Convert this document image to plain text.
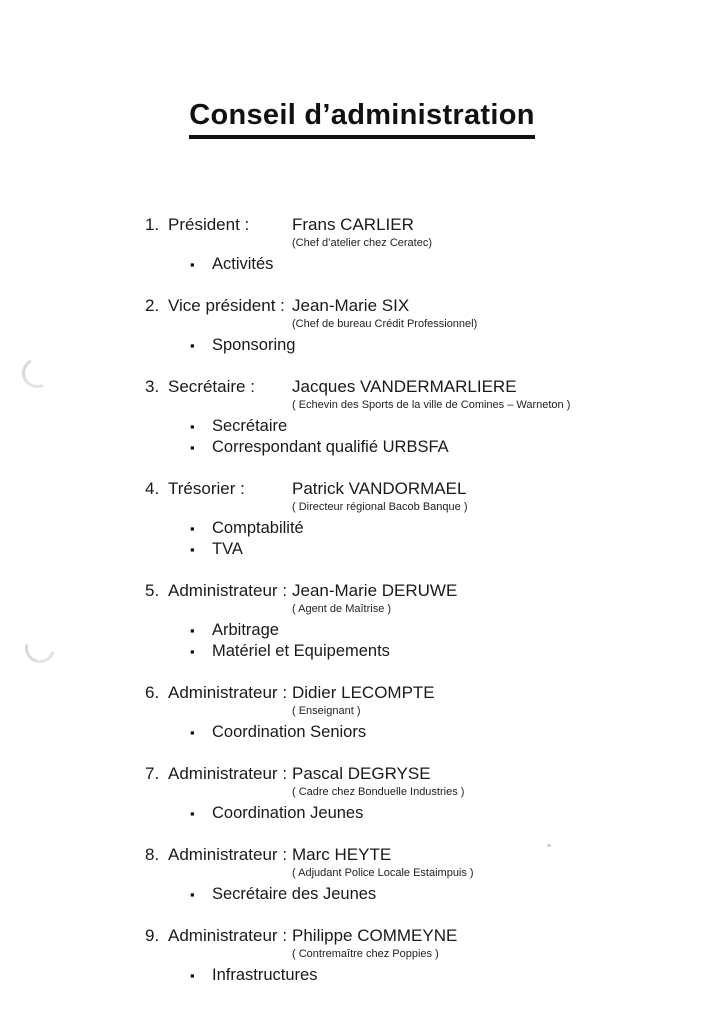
Conseil d’administration
1. Président :	Frans CARLIER
(Chef d’atelier chez Ceratec)
▪	Activités
2. Vice président : Jean-Marie SIX
(Chef de bureau Crédit Professionnel)
▪	Sponsoring
3. Secrétaire :	Jacques VANDERMARLIERE
( Echevin des Sports de la ville de Comines – Warneton )
▪	Secrétaire
▪	Correspondant qualifié URBSFA
4. Trésorier :	Patrick VANDORMAEL
( Directeur régional Bacob Banque )
▪	Comptabilité
▪	TVA
5. Administrateur : Jean-Marie DERUWE
( Agent de Maîtrise )
▪	Arbitrage
▪	Matériel et Equipements
6. Administrateur : Didier LECOMPTE
( Enseignant )
▪	Coordination Seniors
7. Administrateur : Pascal DEGRYSE
( Cadre chez Bonduelle Industries )
▪	Coordination Jeunes
8. Administrateur : Marc HEYTE
( Adjudant Police Locale Estaimpuis )
▪	Secrétaire des Jeunes
9. Administrateur : Philippe COMMEYNE
( Contremaître chez Poppies )
▪	Infrastructures
